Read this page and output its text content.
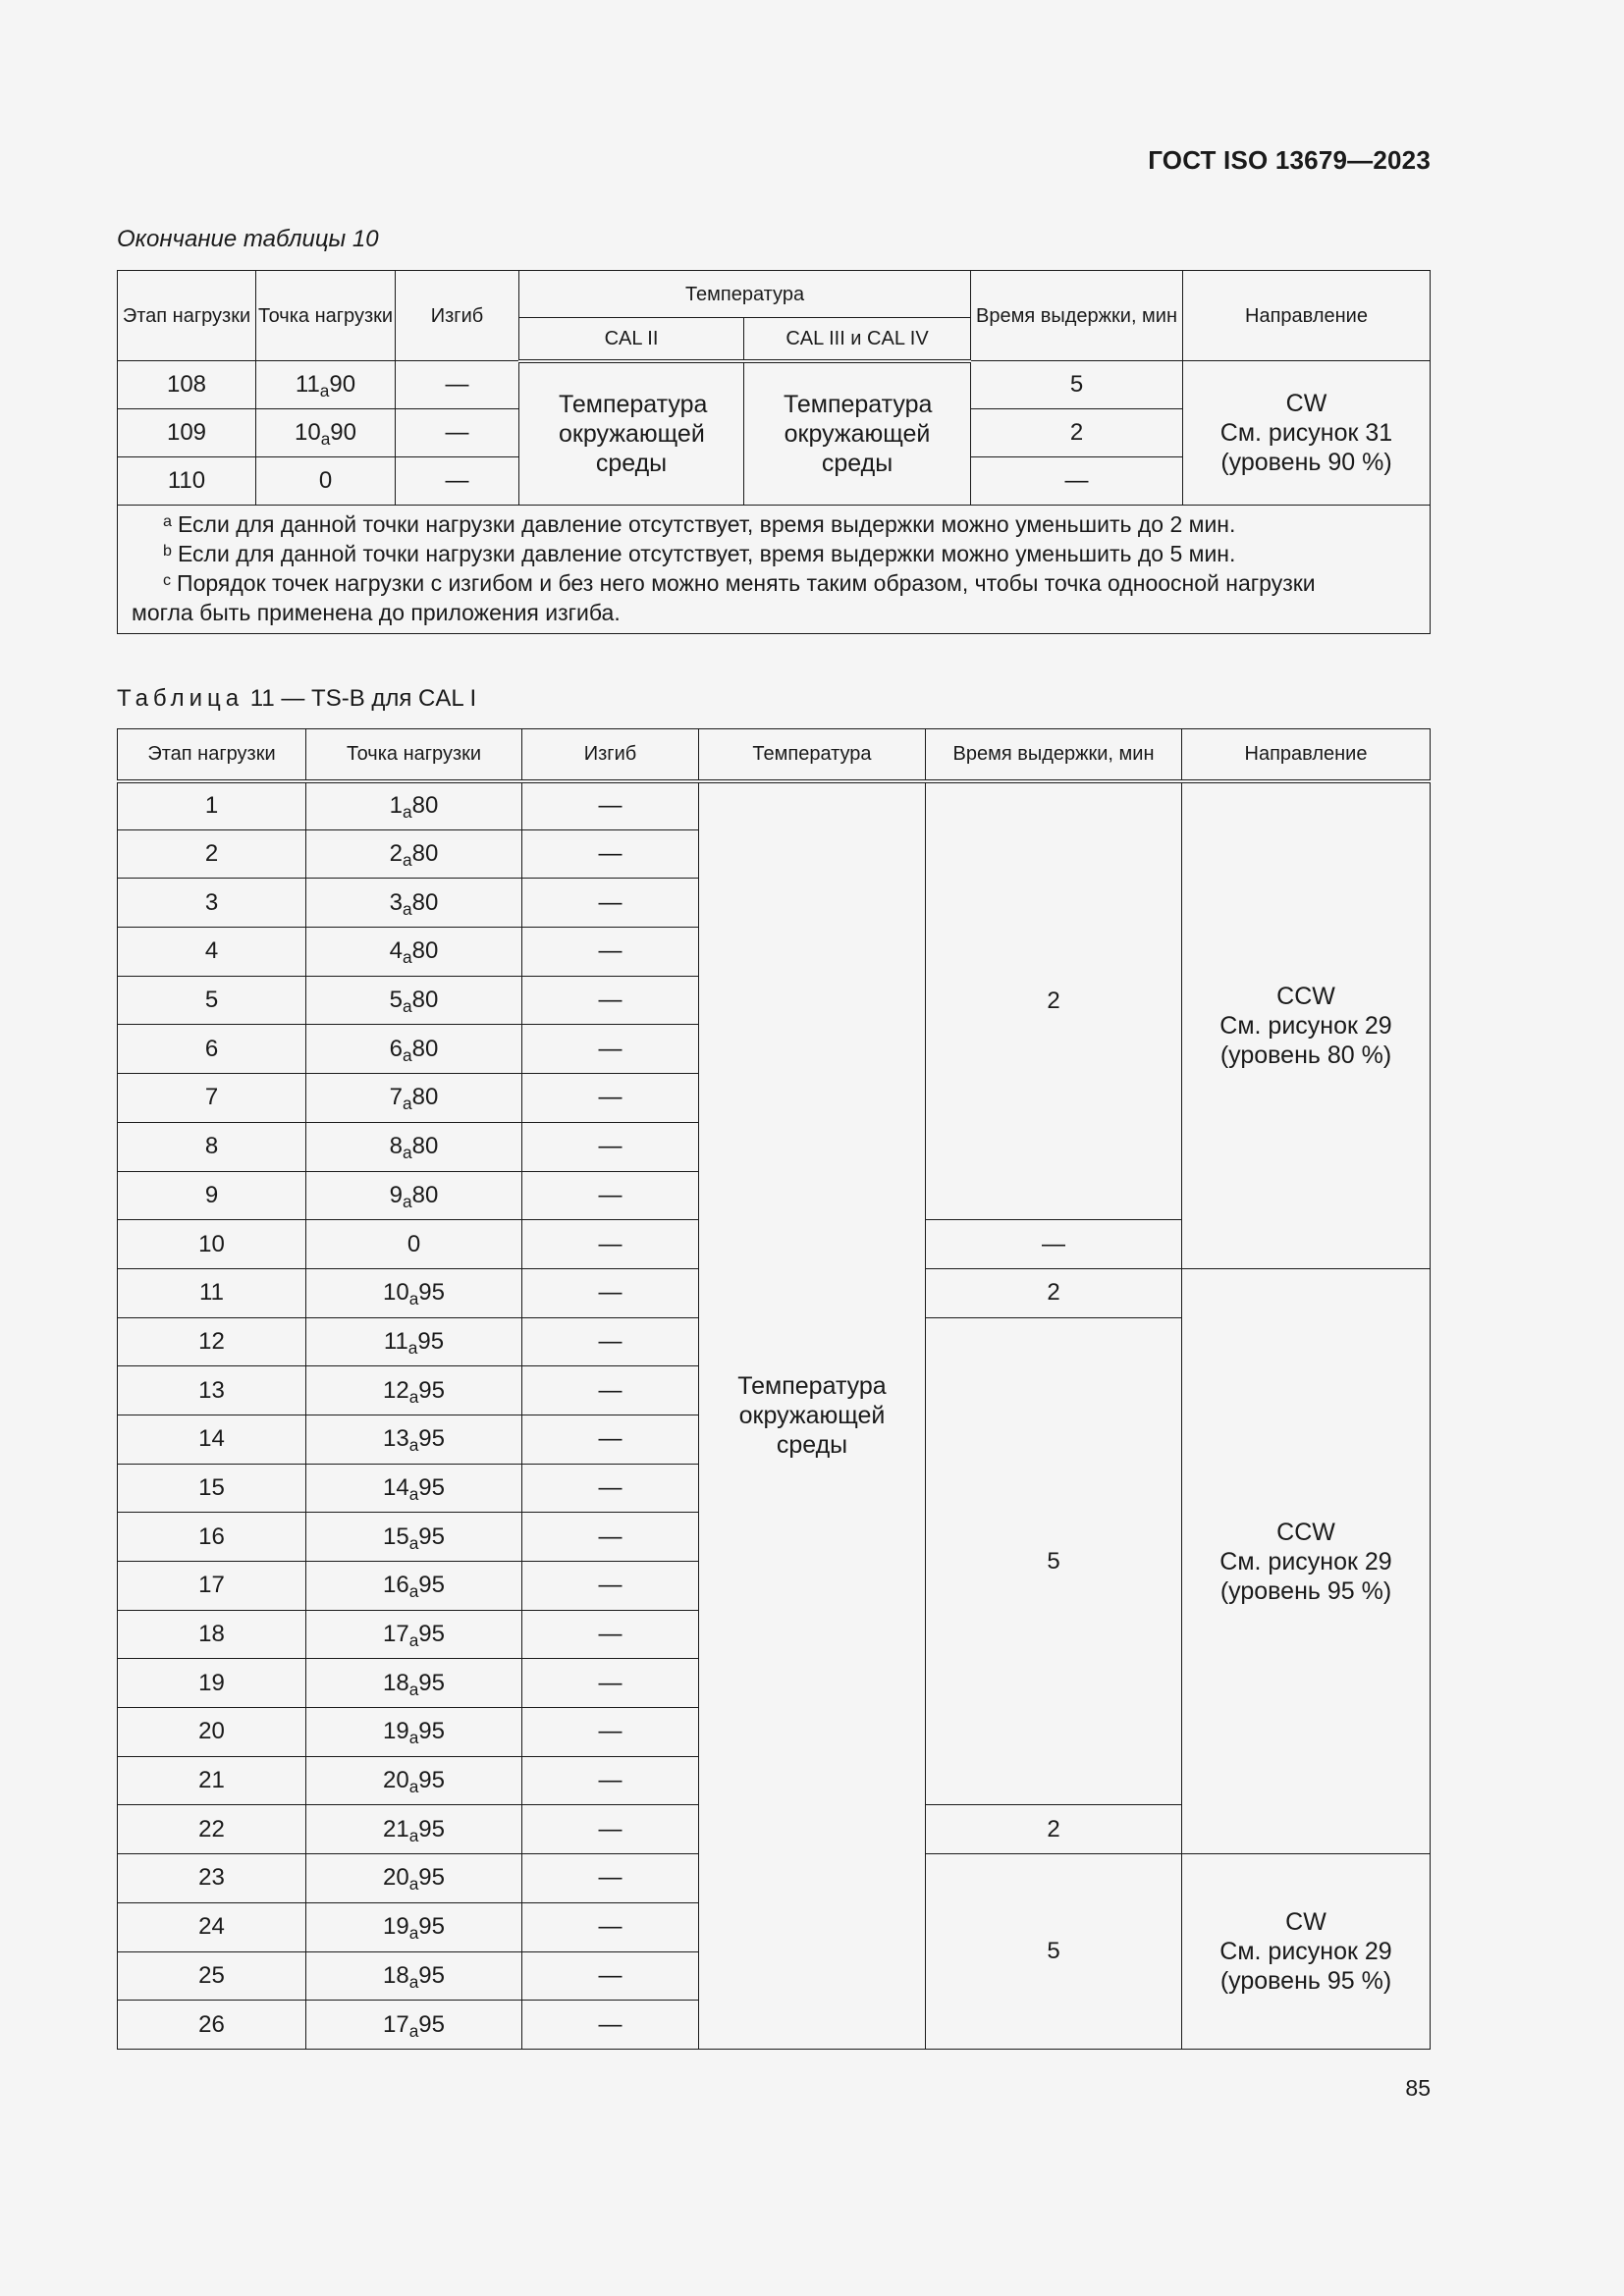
ГОСТ ISO 13679—2023
Окончание таблицы 10
Этап нагрузки	Точка нагрузки	Изгиб	Температура		Время выдержки, мин	Направление
			CAL II	CAL III и CAL IV		
108	$11_a90$	—	Температура окружающей среды	Температура окружающей среды	5	CW
См. рисунок 31
(уровень 90 %)

109	$10_a90$	—			2	
110	0	—			—	

$^a$ Если для данной точки нагрузки давление отсутствует, время выдержки можно уменьшить до 2 мин.
$^b$ Если для данной точки нагрузки давление отсутствует, время выдержки можно уменьшить до 5 мин.
$^c$ Порядок точек нагрузки с изгибом и без него можно менять таким образом, чтобы точка одноосной нагрузки
могла быть применена до приложения изгиба.						
Таблица 11 — TS-B для CAL I
Этап нагрузки	Точка нагрузки	Изгиб	Температура	Время выдержки, мин	Направление
1	$1_a80$	—	Температура окружающей среды	2	CCW
См. рисунок 29
(уровень 80 %)

2	$2_a80$	—			
3	$3_a80$	—			
4	$4_a80$	—			
5	$5_a80$	—			
6	$6_a80$	—			
7	$7_a80$	—			
8	$8_a80$	—			
9	$9_a80$	—			
10	0	—		—	
11	$10_a95$	—		2	CCW
См. рисунок 29
(уровень 95 %)

12	$11_a95$	—		5	
13	$12_a95$	—			
14	$13_a95$	—			
15	$14_a95$	—			
16	$15_a95$	—			
17	$16_a95$	—			
18	$17_a95$	—			
19	$18_a95$	—			
20	$19_a95$	—			
21	$20_a95$	—			
22	$21_a95$	—		2	
23	$20_a95$	—		5	CW
См. рисунок 29
(уровень 95 %)

24	$19_a95$	—			
25	$18_a95$	—			
26	$17_a95$	—			
85
